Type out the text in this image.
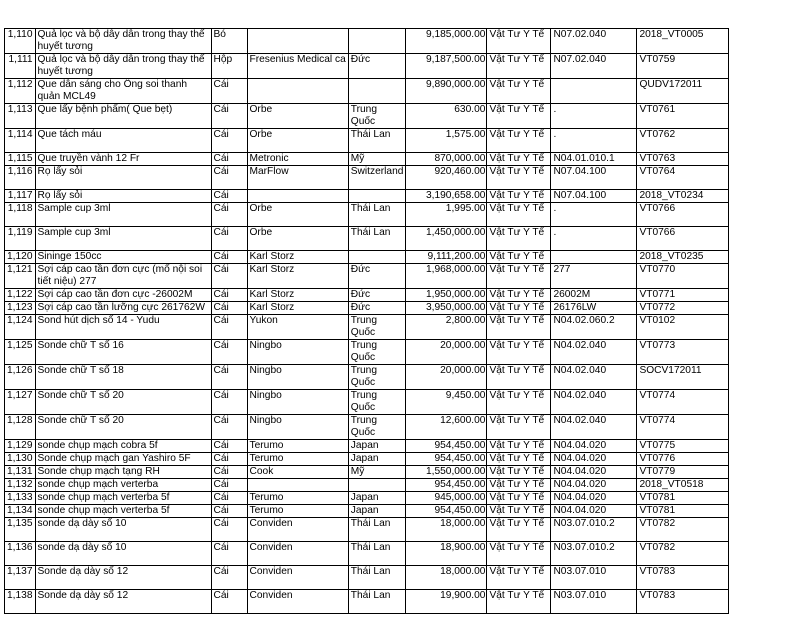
1,110	Quả lọc và bộ dây dẫn trong thay thế huyết tương	Bó			9,185,000.00	Vật Tư Y Tế	N07.02.040	2018_VT0005
1,111	Quả lọc và bộ dây dẫn trong thay thế huyết tương	Hộp	Fresenius Medical ca	Đức	9,187,500.00	Vật Tư Y Tế	N07.02.040	VT0759
1,112	Que dẫn sáng cho Ống soi thanh quản MCL49	Cái			9,890,000.00	Vật Tư Y Tế		QUDV172011
1,113	Que lấy bệnh phẩm( Que bẹt)	Cái	Orbe	Trung Quốc	630.00	Vật Tư Y Tế	.	VT0761
1,114	Que tách máu	Cái	Orbe	Thái Lan	1,575.00	Vật Tư Y Tế	.	VT0762
1,115	Que truyền vành 12 Fr	Cái	Metronic	Mỹ	870,000.00	Vật Tư Y Tế	N04.01.010.1	VT0763
1,116	Rọ lấy sỏi	Cái	MarFlow	Switzerland	920,460.00	Vật Tư Y Tế	N07.04.100	VT0764
1,117	Rọ lấy sỏi	Cái			3,190,658.00	Vật Tư Y Tế	N07.04.100	2018_VT0234
1,118	Sample cup 3ml	Cái	Orbe	Thái Lan	1,995.00	Vật Tư Y Tế	.	VT0766
1,119	Sample cup 3ml	Cái	Orbe	Thái Lan	1,450,000.00	Vật Tư Y Tế	.	VT0766
1,120	Sininge 150cc	Cái	Karl Storz		9,111,200.00	Vật Tư Y Tế		2018_VT0235
1,121	Sợi cáp cao tần đơn cực (mổ nội soi tiết niệu) 277	Cái	Karl Storz	Đức	1,968,000.00	Vật Tư Y Tế	277	VT0770
1,122	Sợi cáp cao tần đơn cực -26002M	Cái	Karl Storz	Đức	1,950,000.00	Vật Tư Y Tế	26002M	VT0771
1,123	Sợi cáp cao tần lưỡng cực 261762W	Cái	Karl Storz	Đức	3,950,000.00	Vật Tư Y Tế	26176LW	VT0772
1,124	Sond hút dịch số 14 - Yudu	Cái	Yukon	Trung Quốc	2,800.00	Vật Tư Y Tế	N04.02.060.2	VT0102
1,125	Sonde chữ T số 16	Cái	Ningbo	Trung Quốc	20,000.00	Vật Tư Y Tế	N04.02.040	VT0773
1,126	Sonde chữ T số 18	Cái	Ningbo	Trung Quốc	20,000.00	Vật Tư Y Tế	N04.02.040	SOCV172011
1,127	Sonde chữ T số 20	Cái	Ningbo	Trung Quốc	9,450.00	Vật Tư Y Tế	N04.02.040	VT0774
1,128	Sonde chữ T số 20	Cái	Ningbo	Trung Quốc	12,600.00	Vật Tư Y Tế	N04.02.040	VT0774
1,129	sonde chụp mạch cobra 5f	Cái	Terumo	Japan	954,450.00	Vật Tư Y Tế	N04.04.020	VT0775
1,130	Sonde chụp mạch gan Yashiro 5F	Cái	Terumo	Japan	954,450.00	Vật Tư Y Tế	N04.04.020	VT0776
1,131	Sonde chụp mạch tạng RH	Cái	Cook	Mỹ	1,550,000.00	Vật Tư Y Tế	N04.04.020	VT0779
1,132	sonde chụp mạch verterba	Cái			954,450.00	Vật Tư Y Tế	N04.04.020	2018_VT0518
1,133	sonde chụp mạch verterba 5f	Cái	Terumo	Japan	945,000.00	Vật Tư Y Tế	N04.04.020	VT0781
1,134	sonde chụp mạch verterba 5f	Cái	Terumo	Japan	954,450.00	Vật Tư Y Tế	N04.04.020	VT0781
1,135	sonde dạ dày số 10	Cái	Conviden	Thái Lan	18,000.00	Vật Tư Y Tế	N03.07.010.2	VT0782
1,136	sonde dạ dày số 10	Cái	Conviden	Thái Lan	18,900.00	Vật Tư Y Tế	N03.07.010.2	VT0782
1,137	Sonde dạ dày số 12	Cái	Conviden	Thái Lan	18,000.00	Vật Tư Y Tế	N03.07.010	VT0783
1,138	Sonde dạ dày số 12	Cái	Conviden	Thái Lan	19,900.00	Vật Tư Y Tế	N03.07.010	VT0783
